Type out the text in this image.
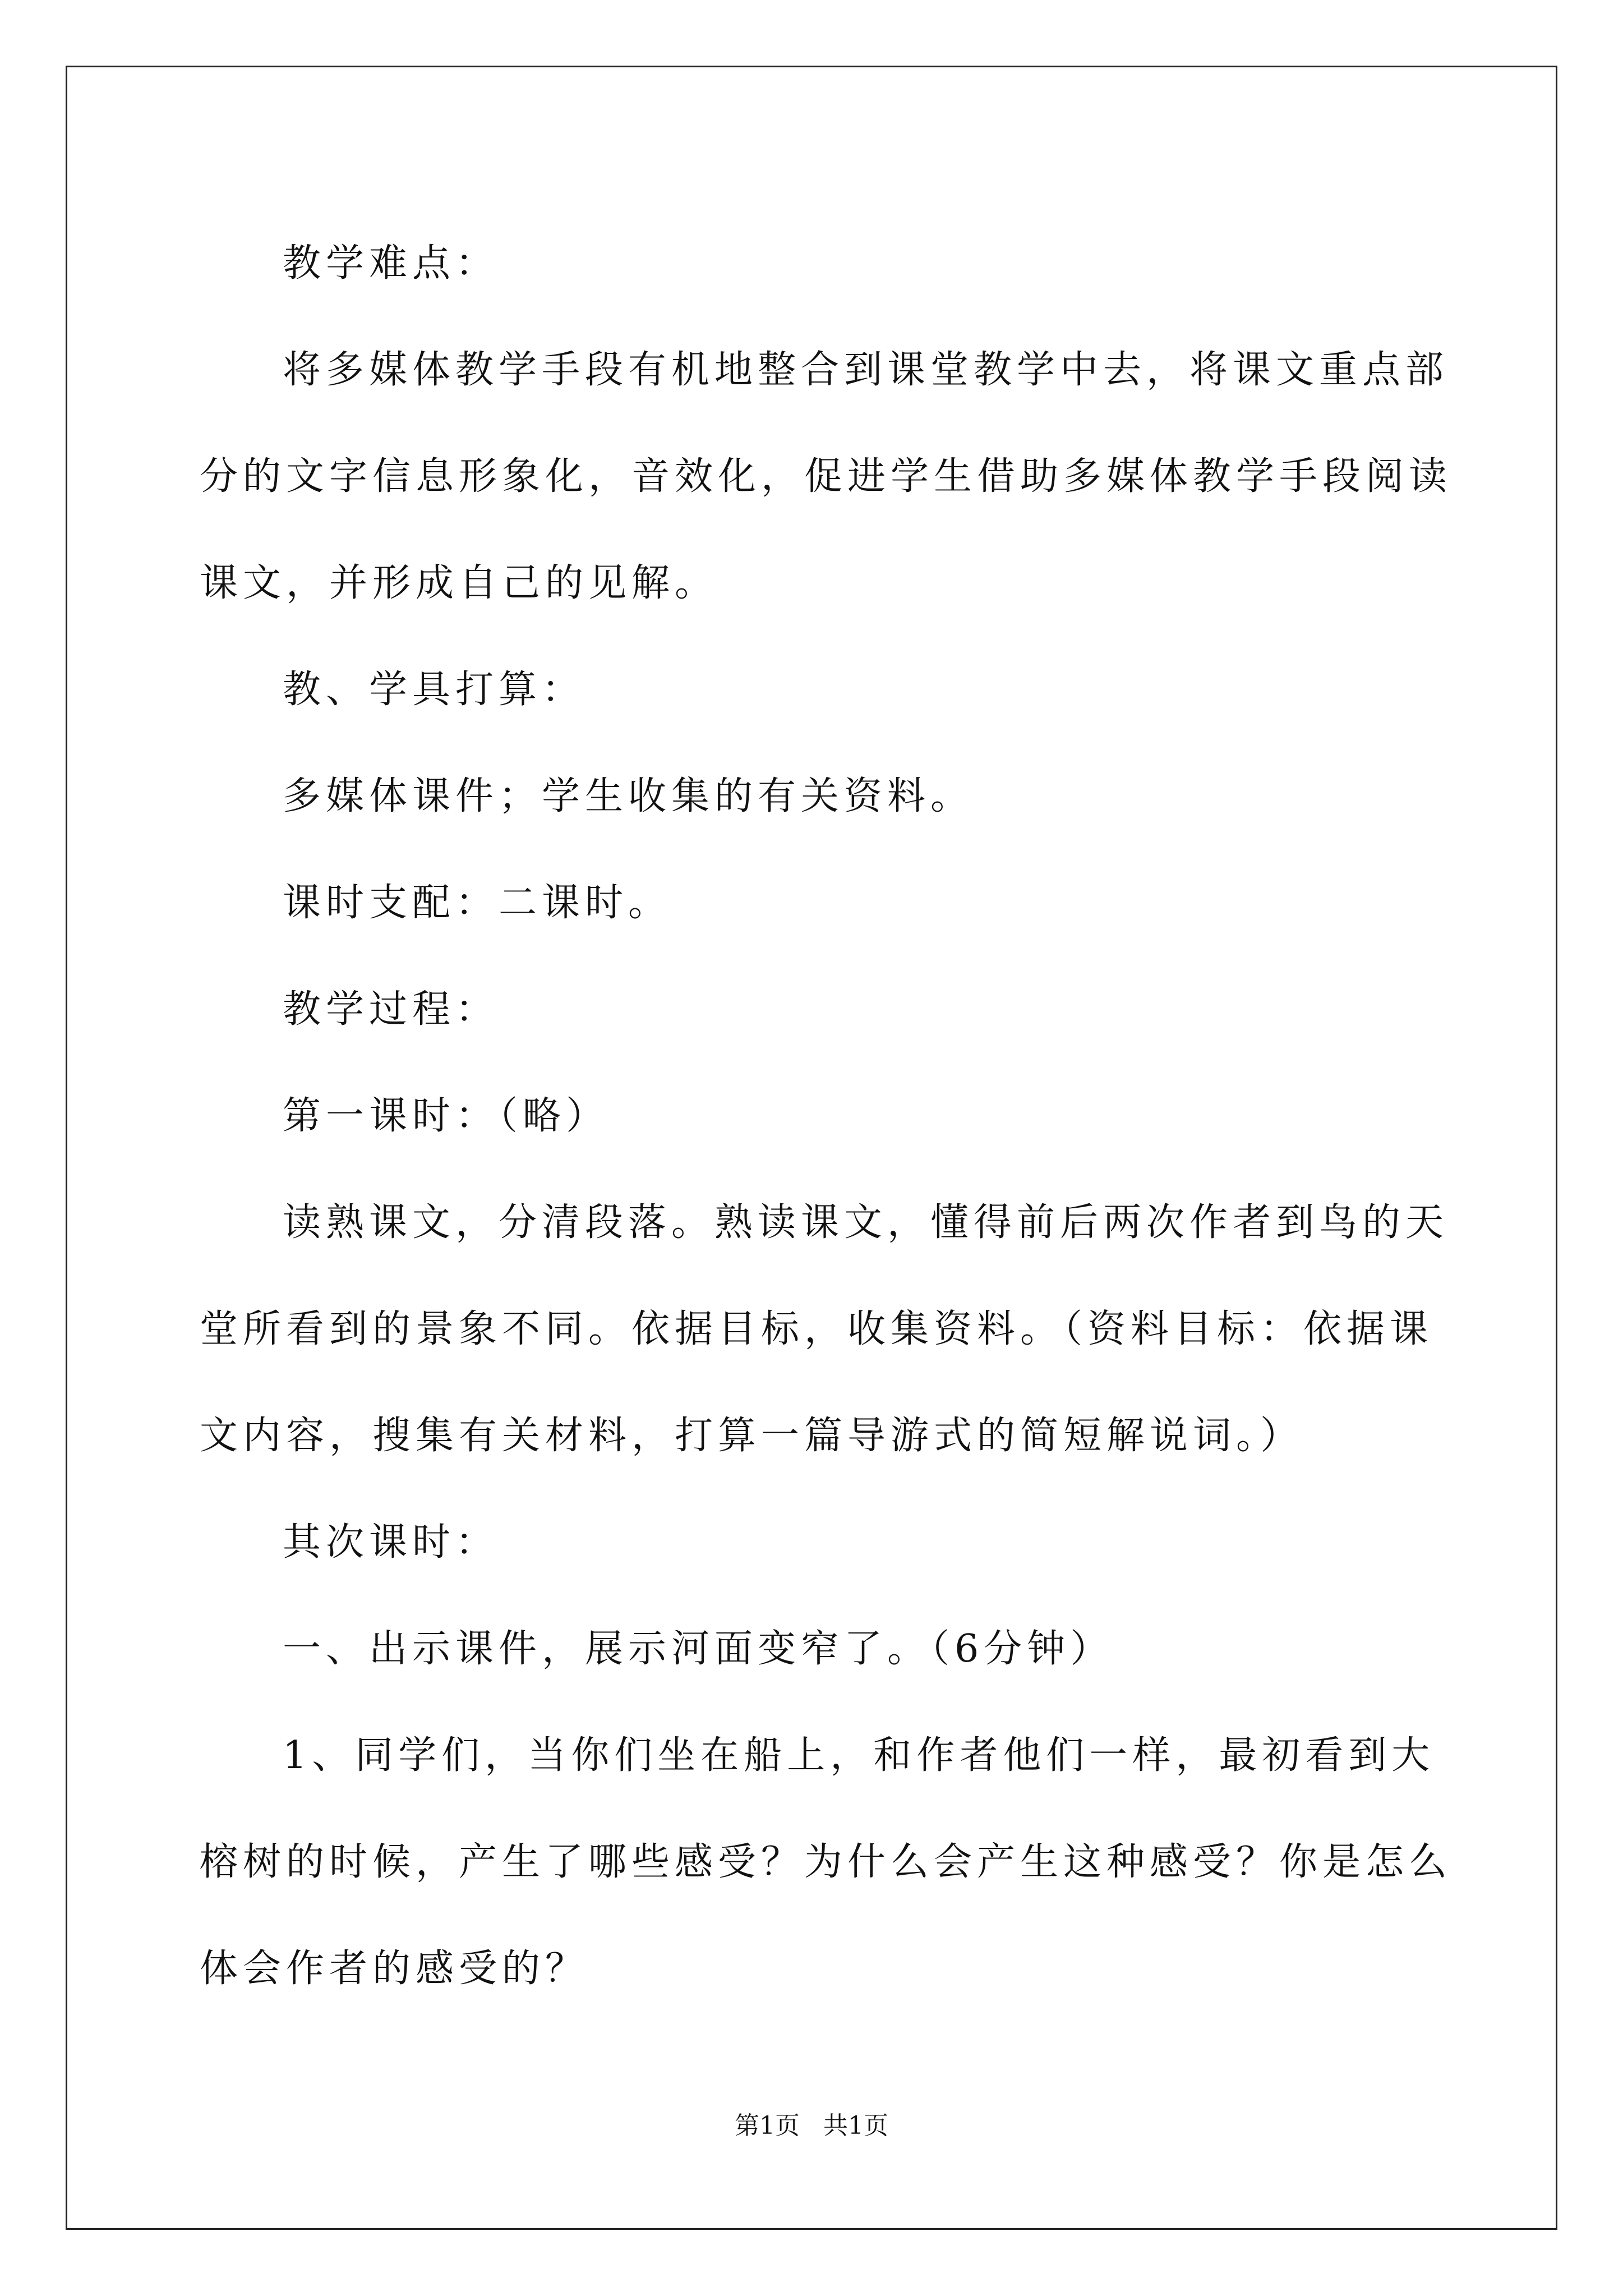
教学难点：

将多媒体教学手段有机地整合到课堂教学中去，将课文重点部分的文字信息形象化，音效化，促进学生借助多媒体教学手段阅读课文，并形成自己的见解。

教、学具打算：

多媒体课件；学生收集的有关资料。

课时支配：二课时。

教学过程：

第一课时：（略）

读熟课文，分清段落。熟读课文，懂得前后两次作者到鸟的天堂所看到的景象不同。依据目标，收集资料。（资料目标：依据课文内容，搜集有关材料，打算一篇导游式的简短解说词。）

其次课时：

一、出示课件，展示河面变窄了。（6分钟）

1、同学们，当你们坐在船上，和作者他们一样，最初看到大榕树的时候，产生了哪些感受？为什么会产生这种感受？你是怎么体会作者的感受的？

第1页 共1页
